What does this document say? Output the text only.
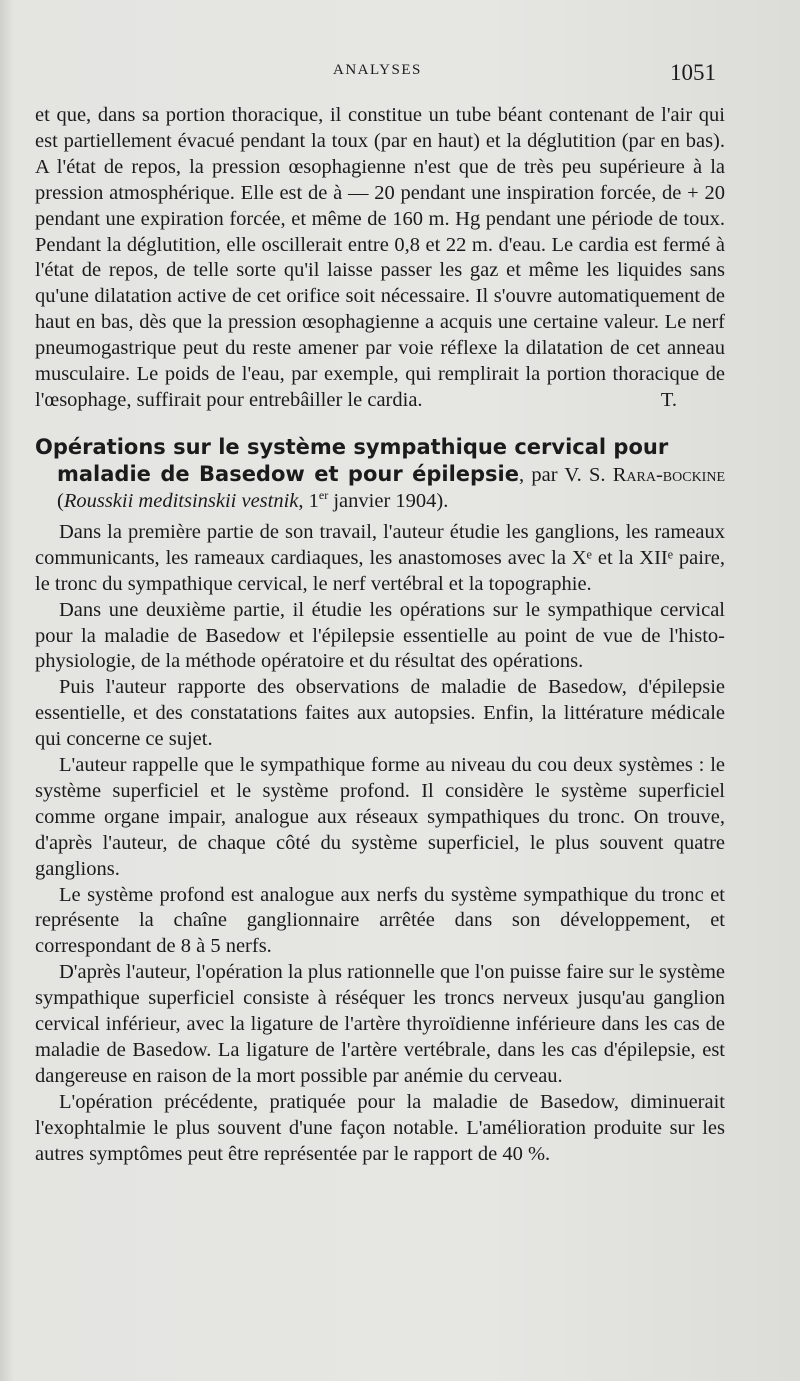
ANALYSES	1051

et que, dans sa portion thoracique, il constitue un tube béant contenant de l'air qui est partiellement évacué pendant la toux (par en haut) et la déglutition (par en bas). A l'état de repos, la pression œsophagienne n'est que de très peu supérieure à la pression atmosphérique. Elle est de à — 20 pendant une inspiration forcée, de + 20 pendant une expiration forcée, et même de 160 m. Hg pendant une période de toux. Pendant la déglutition, elle oscillerait entre 0,8 et 22 m. d'eau. Le cardia est fermé à l'état de repos, de telle sorte qu'il laisse passer les gaz et même les liquides sans qu'une dilatation active de cet orifice soit nécessaire. Il s'ouvre automatiquement de haut en bas, dès que la pression œsophagienne a acquis une certaine valeur. Le nerf pneumogastrique peut du reste amener par voie réflexe la dilatation de cet anneau musculaire. Le poids de l'eau, par exemple, qui remplirait la portion thoracique de l'œsophage, suffirait pour entrebâiller le cardia.	T.

Opérations sur le système sympathique cervical pour
maladie de Basedow et pour épilepsie, par V. S. Rara-bockine (Rousskii meditsinskii vestnik, 1er janvier 1904).

Dans la première partie de son travail, l'auteur étudie les ganglions, les rameaux communicants, les rameaux cardiaques, les anastomoses avec la Xᵉ et la XIIᵉ paire, le tronc du sympathique cervical, le nerf vertébral et la topographie.

Dans une deuxième partie, il étudie les opérations sur le sympathique cervical pour la maladie de Basedow et l'épilepsie essentielle au point de vue de l'histo-physiologie, de la méthode opératoire et du résultat des opérations.

Puis l'auteur rapporte des observations de maladie de Basedow, d'épilepsie essentielle, et des constatations faites aux autopsies. Enfin, la littérature médicale qui concerne ce sujet.

L'auteur rappelle que le sympathique forme au niveau du cou deux systèmes : le système superficiel et le système profond. Il considère le système superficiel comme organe impair, analogue aux réseaux sympathiques du tronc. On trouve, d'après l'auteur, de chaque côté du système superficiel, le plus souvent quatre ganglions.

Le système profond est analogue aux nerfs du système sympathique du tronc et représente la chaîne ganglionnaire arrêtée dans son développement, et correspondant de 8 à 5 nerfs.

D'après l'auteur, l'opération la plus rationnelle que l'on puisse faire sur le système sympathique superficiel consiste à réséquer les troncs nerveux jusqu'au ganglion cervical inférieur, avec la ligature de l'artère thyroïdienne inférieure dans les cas de maladie de Basedow. La ligature de l'artère vertébrale, dans les cas d'épilepsie, est dangereuse en raison de la mort possible par anémie du cerveau.

L'opération précédente, pratiquée pour la maladie de Basedow, diminuerait l'exophtalmie le plus souvent d'une façon notable. L'amélioration produite sur les autres symptômes peut être représentée par le rapport de 40 %.
